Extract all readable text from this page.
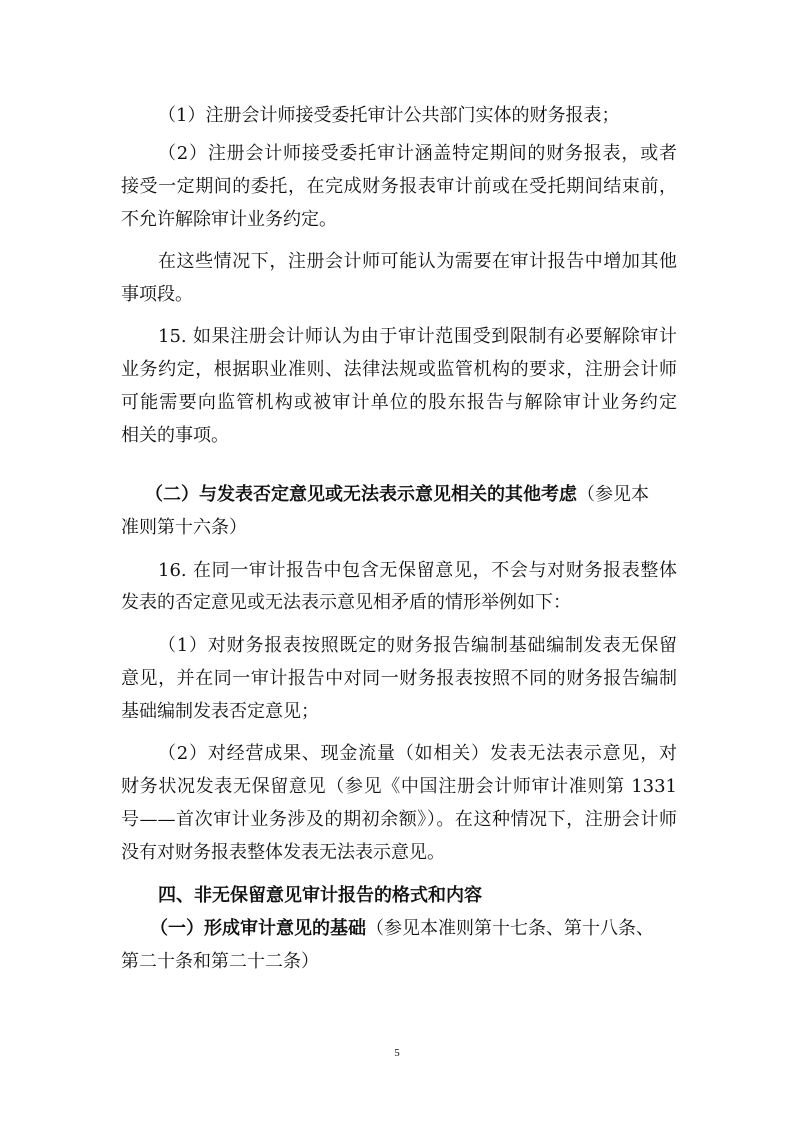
（1）注册会计师接受委托审计公共部门实体的财务报表；
（2）注册会计师接受委托审计涵盖特定期间的财务报表，或者
接受一定期间的委托，在完成财务报表审计前或在受托期间结束前，
不允许解除审计业务约定。
在这些情况下，注册会计师可能认为需要在审计报告中增加其他
事项段。
15. 如果注册会计师认为由于审计范围受到限制有必要解除审计
业务约定，根据职业准则、法律法规或监管机构的要求，注册会计师
可能需要向监管机构或被审计单位的股东报告与解除审计业务约定
相关的事项。
（二）与发表否定意见或无法表示意见相关的其他考虑（参见本
准则第十六条）
16. 在同一审计报告中包含无保留意见，不会与对财务报表整体
发表的否定意见或无法表示意见相矛盾的情形举例如下：
（1）对财务报表按照既定的财务报告编制基础编制发表无保留
意见，并在同一审计报告中对同一财务报表按照不同的财务报告编制
基础编制发表否定意见；
（2）对经营成果、现金流量（如相关）发表无法表示意见，对
财务状况发表无保留意见（参见《中国注册会计师审计准则第 1331
号——首次审计业务涉及的期初余额》）。在这种情况下，注册会计师
没有对财务报表整体发表无法表示意见。
四、非无保留意见审计报告的格式和内容
（一）形成审计意见的基础（参见本准则第十七条、第十八条、
第二十条和第二十二条）
5
